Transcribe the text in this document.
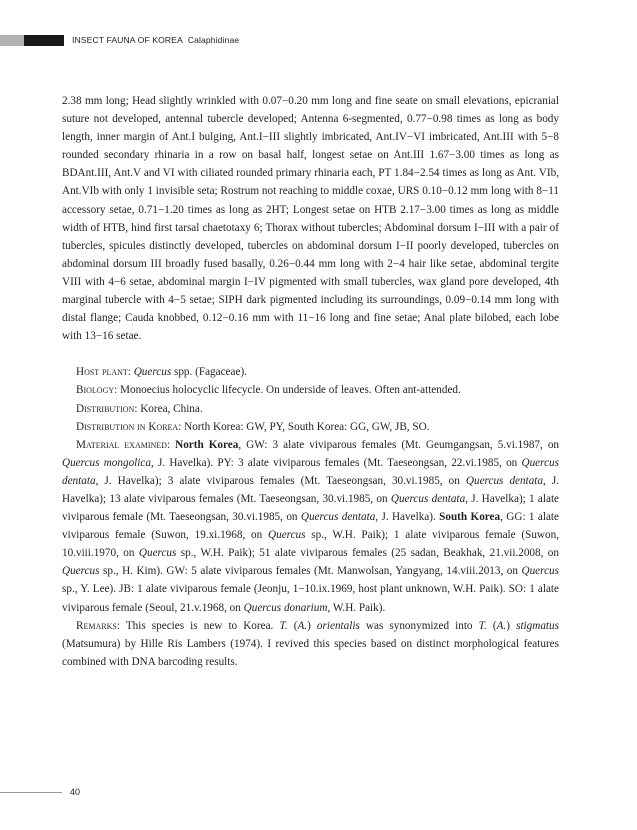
INSECT FAUNA OF KOREA Calaphidinae

2.38 mm long; Head slightly wrinkled with 0.07−0.20 mm long and fine seate on small elevations, epicranial suture not developed, antennal tubercle developed; Antenna 6-segmented, 0.77−0.98 times as long as body length, inner margin of Ant.I bulging, Ant.I−III slightly imbricated, Ant.IV−VI imbricated, Ant.III with 5−8 rounded secondary rhinaria in a row on basal half, longest setae on Ant.III 1.67−3.00 times as long as BDAnt.III, Ant.V and VI with ciliated rounded primary rhinaria each, PT 1.84−2.54 times as long as Ant. VIb, Ant.VIb with only 1 invisible seta; Rostrum not reaching to middle coxae, URS 0.10−0.12 mm long with 8−11 accessory setae, 0.71−1.20 times as long as 2HT; Longest setae on HTB 2.17−3.00 times as long as middle width of HTB, hind first tarsal chaetotaxy 6; Thorax without tubercles; Abdominal dorsum I−III with a pair of tubercles, spicules distinctly developed, tubercles on abdominal dorsum I−II poorly developed, tubercles on abdominal dorsum III broadly fused basally, 0.26−0.44 mm long with 2−4 hair like setae, abdominal tergite VIII with 4−6 setae, abdominal margin I−IV pigmented with small tubercles, wax gland pore developed, 4th marginal tubercle with 4−5 setae; SIPH dark pigmented including its surroundings, 0.09−0.14 mm long with distal flange; Cauda knobbed, 0.12−0.16 mm with 11−16 long and fine setae; Anal plate bilobed, each lobe with 13−16 setae.

Host plant: Quercus spp. (Fagaceae).

Biology: Monoecius holocyclic lifecycle. On underside of leaves. Often ant-attended.

Distribution: Korea, China.

Distribution in Korea: North Korea: GW, PY, South Korea: GG, GW, JB, SO.

Material examined: North Korea, GW: 3 alate viviparous females (Mt. Geumgangsan, 5.vi.1987, on Quercus mongolica, J. Havelka). PY: 3 alate viviparous females (Mt. Taeseongsan, 22.vi.1985, on Quercus dentata, J. Havelka); 3 alate viviparous females (Mt. Taeseongsan, 30.vi.1985, on Quercus dentata, J. Havelka); 13 alate viviparous females (Mt. Taeseongsan, 30.vi.1985, on Quercus dentata, J. Havelka); 1 alate viviparous female (Mt. Taeseongsan, 30.vi.1985, on Quercus dentata, J. Havelka). South Korea, GG: 1 alate viviparous female (Suwon, 19.xi.1968, on Quercus sp., W.H. Paik); 1 alate viviparous female (Suwon, 10.viii.1970, on Quercus sp., W.H. Paik); 51 alate viviparous females (25 sadan, Beakhak, 21.vii.2008, on Quercus sp., H. Kim). GW: 5 alate viviparous females (Mt. Manwolsan, Yangyang, 14.viii.2013, on Quercus sp., Y. Lee). JB: 1 alate viviparous female (Jeonju, 1−10.ix.1969, host plant unknown, W.H. Paik). SO: 1 alate viviparous female (Seoul, 21.v.1968, on Quercus donarium, W.H. Paik).

Remarks: This species is new to Korea. T. (A.) orientalis was synonymized into T. (A.) stigmatus (Matsumura) by Hille Ris Lambers (1974). I revived this species based on distinct morphological features combined with DNA barcoding results.

40
